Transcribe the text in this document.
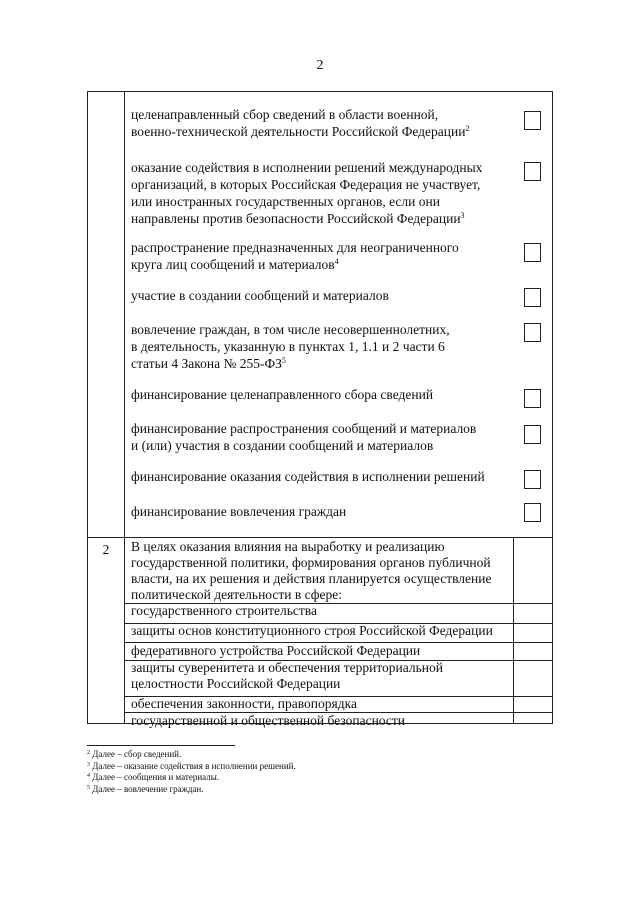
2
2
целенаправленный сбор сведений в области военной,
военно-технической деятельности Российской Федерации$^2$
оказание содействия в исполнении решений международных
организаций, в которых Российская Федерация не участвует,
или иностранных государственных органов, если они
направлены против безопасности Российской Федерации$^3$
распространение предназначенных для неограниченного
круга лиц сообщений и материалов$^4$
участие в создании сообщений и материалов
вовлечение граждан, в том числе несовершеннолетних,
в деятельность, указанную в пунктах 1, 1.1 и 2 части 6
статьи 4 Закона № $255-ФЗ^5$
финансирование целенаправленного сбора сведений
финансирование распространения сообщений и материалов
и (или) участия в создании сообщений и материалов
финансирование оказания содействия в исполнении решений
финансирование вовлечения граждан
В целях оказания влияния на выработку и реализацию
государственной политики, формирования органов публичной
власти, на их решения и действия планируется осуществление
политической деятельности в сфере:
государственного строительства
защиты основ конституционного строя Российской Федерации
федеративного устройства Российской Федерации
защиты суверенитета и обеспечения территориальной
целостности Российской Федерации
обеспечения законности, правопорядка
государственной и общественной безопасности
$^2$ Далее – сбор сведений.
$^3$ Далее – оказание содействия в исполнении решений.
$^4$ Далее – сообщения и материалы.
$^5$ Далее – вовлечение граждан.
